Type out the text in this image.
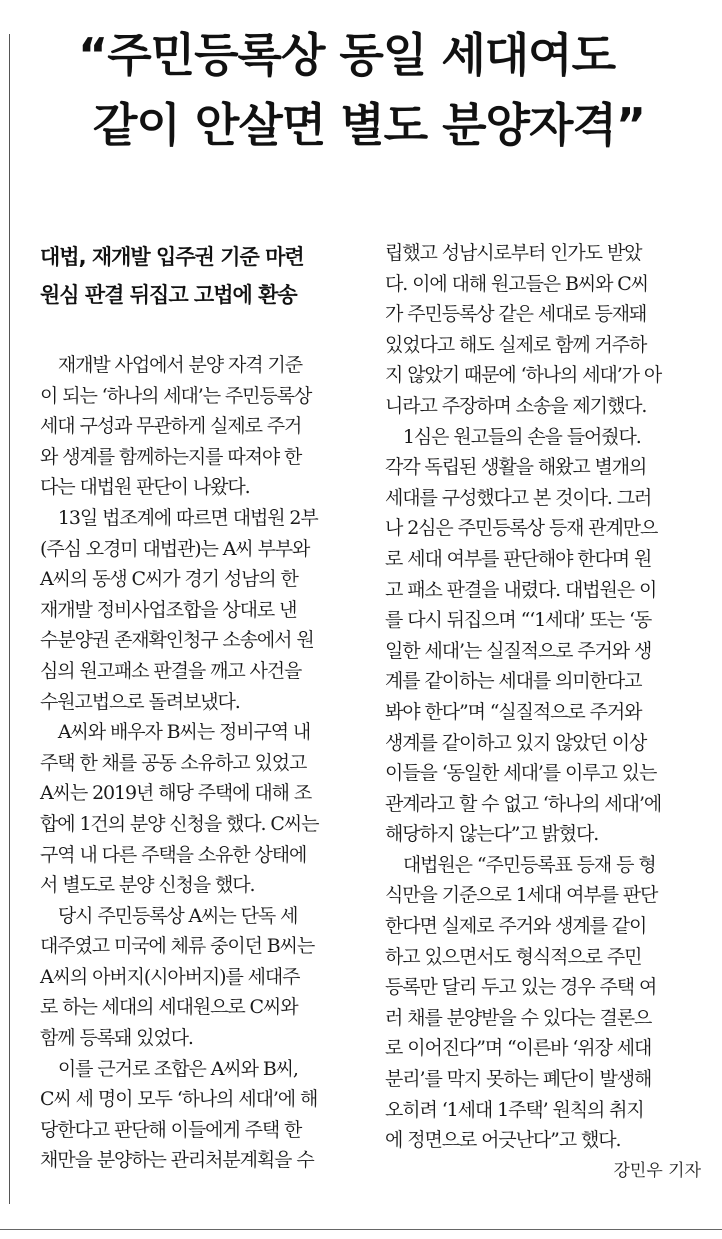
“주민등록상 동일 세대여도
같이 안살면 별도 분양자격”
대법, 재개발 입주권 기준 마련
원심 판결 뒤집고 고법에 환송
　재개발 사업에서 분양 자격 기준
이 되는 ‘하나의 세대’는 주민등록상
세대 구성과 무관하게 실제로 주거
와 생계를 함께하는지를 따져야 한
다는 대법원 판단이 나왔다.
　13일 법조계에 따르면 대법원 2부
(주심 오경미 대법관)는 A씨 부부와
A씨의 동생 C씨가 경기 성남의 한
재개발 정비사업조합을 상대로 낸
수분양권 존재확인청구 소송에서 원
심의 원고패소 판결을 깨고 사건을
수원고법으로 돌려보냈다.
　A씨와 배우자 B씨는 정비구역 내
주택 한 채를 공동 소유하고 있었고
A씨는 2019년 해당 주택에 대해 조
합에 1건의 분양 신청을 했다. C씨는
구역 내 다른 주택을 소유한 상태에
서 별도로 분양 신청을 했다.
　당시 주민등록상 A씨는 단독 세
대주였고 미국에 체류 중이던 B씨는
A씨의 아버지(시아버지)를 세대주
로 하는 세대의 세대원으로 C씨와
함께 등록돼 있었다.
　이를 근거로 조합은 A씨와 B씨,
C씨 세 명이 모두 ‘하나의 세대’에 해
당한다고 판단해 이들에게 주택 한
채만을 분양하는 관리처분계획을 수
립했고 성남시로부터 인가도 받았
다. 이에 대해 원고들은 B씨와 C씨
가 주민등록상 같은 세대로 등재돼
있었다고 해도 실제로 함께 거주하
지 않았기 때문에 ‘하나의 세대’가 아
니라고 주장하며 소송을 제기했다.
　1심은 원고들의 손을 들어줬다.
각각 독립된 생활을 해왔고 별개의
세대를 구성했다고 본 것이다. 그러
나 2심은 주민등록상 등재 관계만으
로 세대 여부를 판단해야 한다며 원
고 패소 판결을 내렸다. 대법원은 이
를 다시 뒤집으며 “‘1세대’ 또는 ‘동
일한 세대’는 실질적으로 주거와 생
계를 같이하는 세대를 의미한다고
봐야 한다”며 “실질적으로 주거와
생계를 같이하고 있지 않았던 이상
이들을 ‘동일한 세대’를 이루고 있는
관계라고 할 수 없고 ‘하나의 세대’에
해당하지 않는다”고 밝혔다.
　대법원은 “주민등록표 등재 등 형
식만을 기준으로 1세대 여부를 판단
한다면 실제로 주거와 생계를 같이
하고 있으면서도 형식적으로 주민
등록만 달리 두고 있는 경우 주택 여
러 채를 분양받을 수 있다는 결론으
로 이어진다”며 “이른바 ‘위장 세대
분리’를 막지 못하는 폐단이 발생해
오히려 ‘1세대 1주택’ 원칙의 취지
에 정면으로 어긋난다”고 했다.
강민우 기자
